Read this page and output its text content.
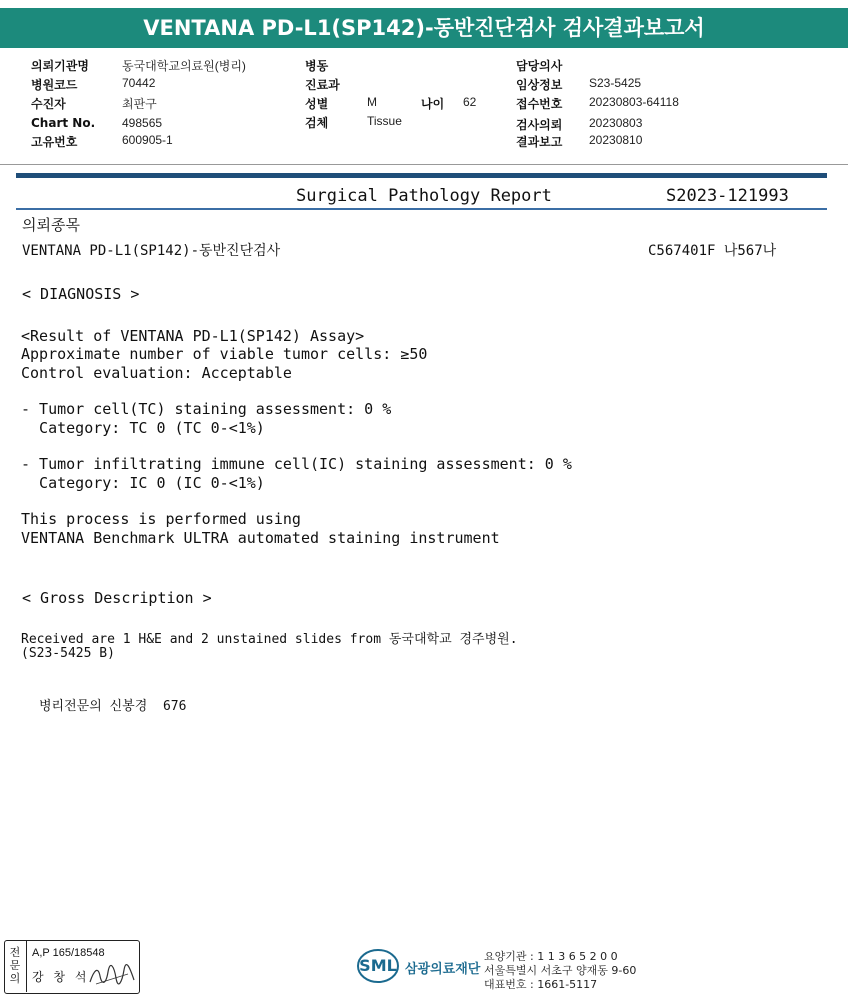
VENTANA PD-L1(SP142)-동반진단검사 검사결과보고서
의뢰기관명	동국대학교의료원(병리)
병원코드	70442
수진자	최판구
Chart No. 498565
고유번호	600905-1
병동
진료과
성별	M	나이 62
검체	Tissue
담당의사
임상정보 S23-5425
접수번호 20230803-64118
검사의뢰 20230803
결과보고 20230810
Surgical Pathology Report	S2023-121993
의뢰종목
VENTANA PD-L1(SP142)-동반진단검사	C567401F 나567나
< DIAGNOSIS >
<Result of VENTANA PD-L1(SP142) Assay>
Approximate number of viable tumor cells: ≥50
Control evaluation: Acceptable
- Tumor cell(TC) staining assessment: 0 %
Category: TC 0 (TC 0-<1%)
- Tumor infiltrating immune cell(IC) staining assessment: 0 %
Category: IC 0 (IC 0-<1%)
This process is performed using
VENTANA Benchmark ULTRA automated staining instrument
< Gross Description >
Received are 1 H&E and 2 unstained slides from 동국대학교 경주병원.
(S23-5425 B)
병리전문의 신봉경  676
전
문
의
A,P 165/18548
강 창 석
SML 삼광의료재단
요양기관 : 1 1 3 6 5 2 0 0
서울특별시 서초구 양재동 9-60
대표번호 : 1661-5117
